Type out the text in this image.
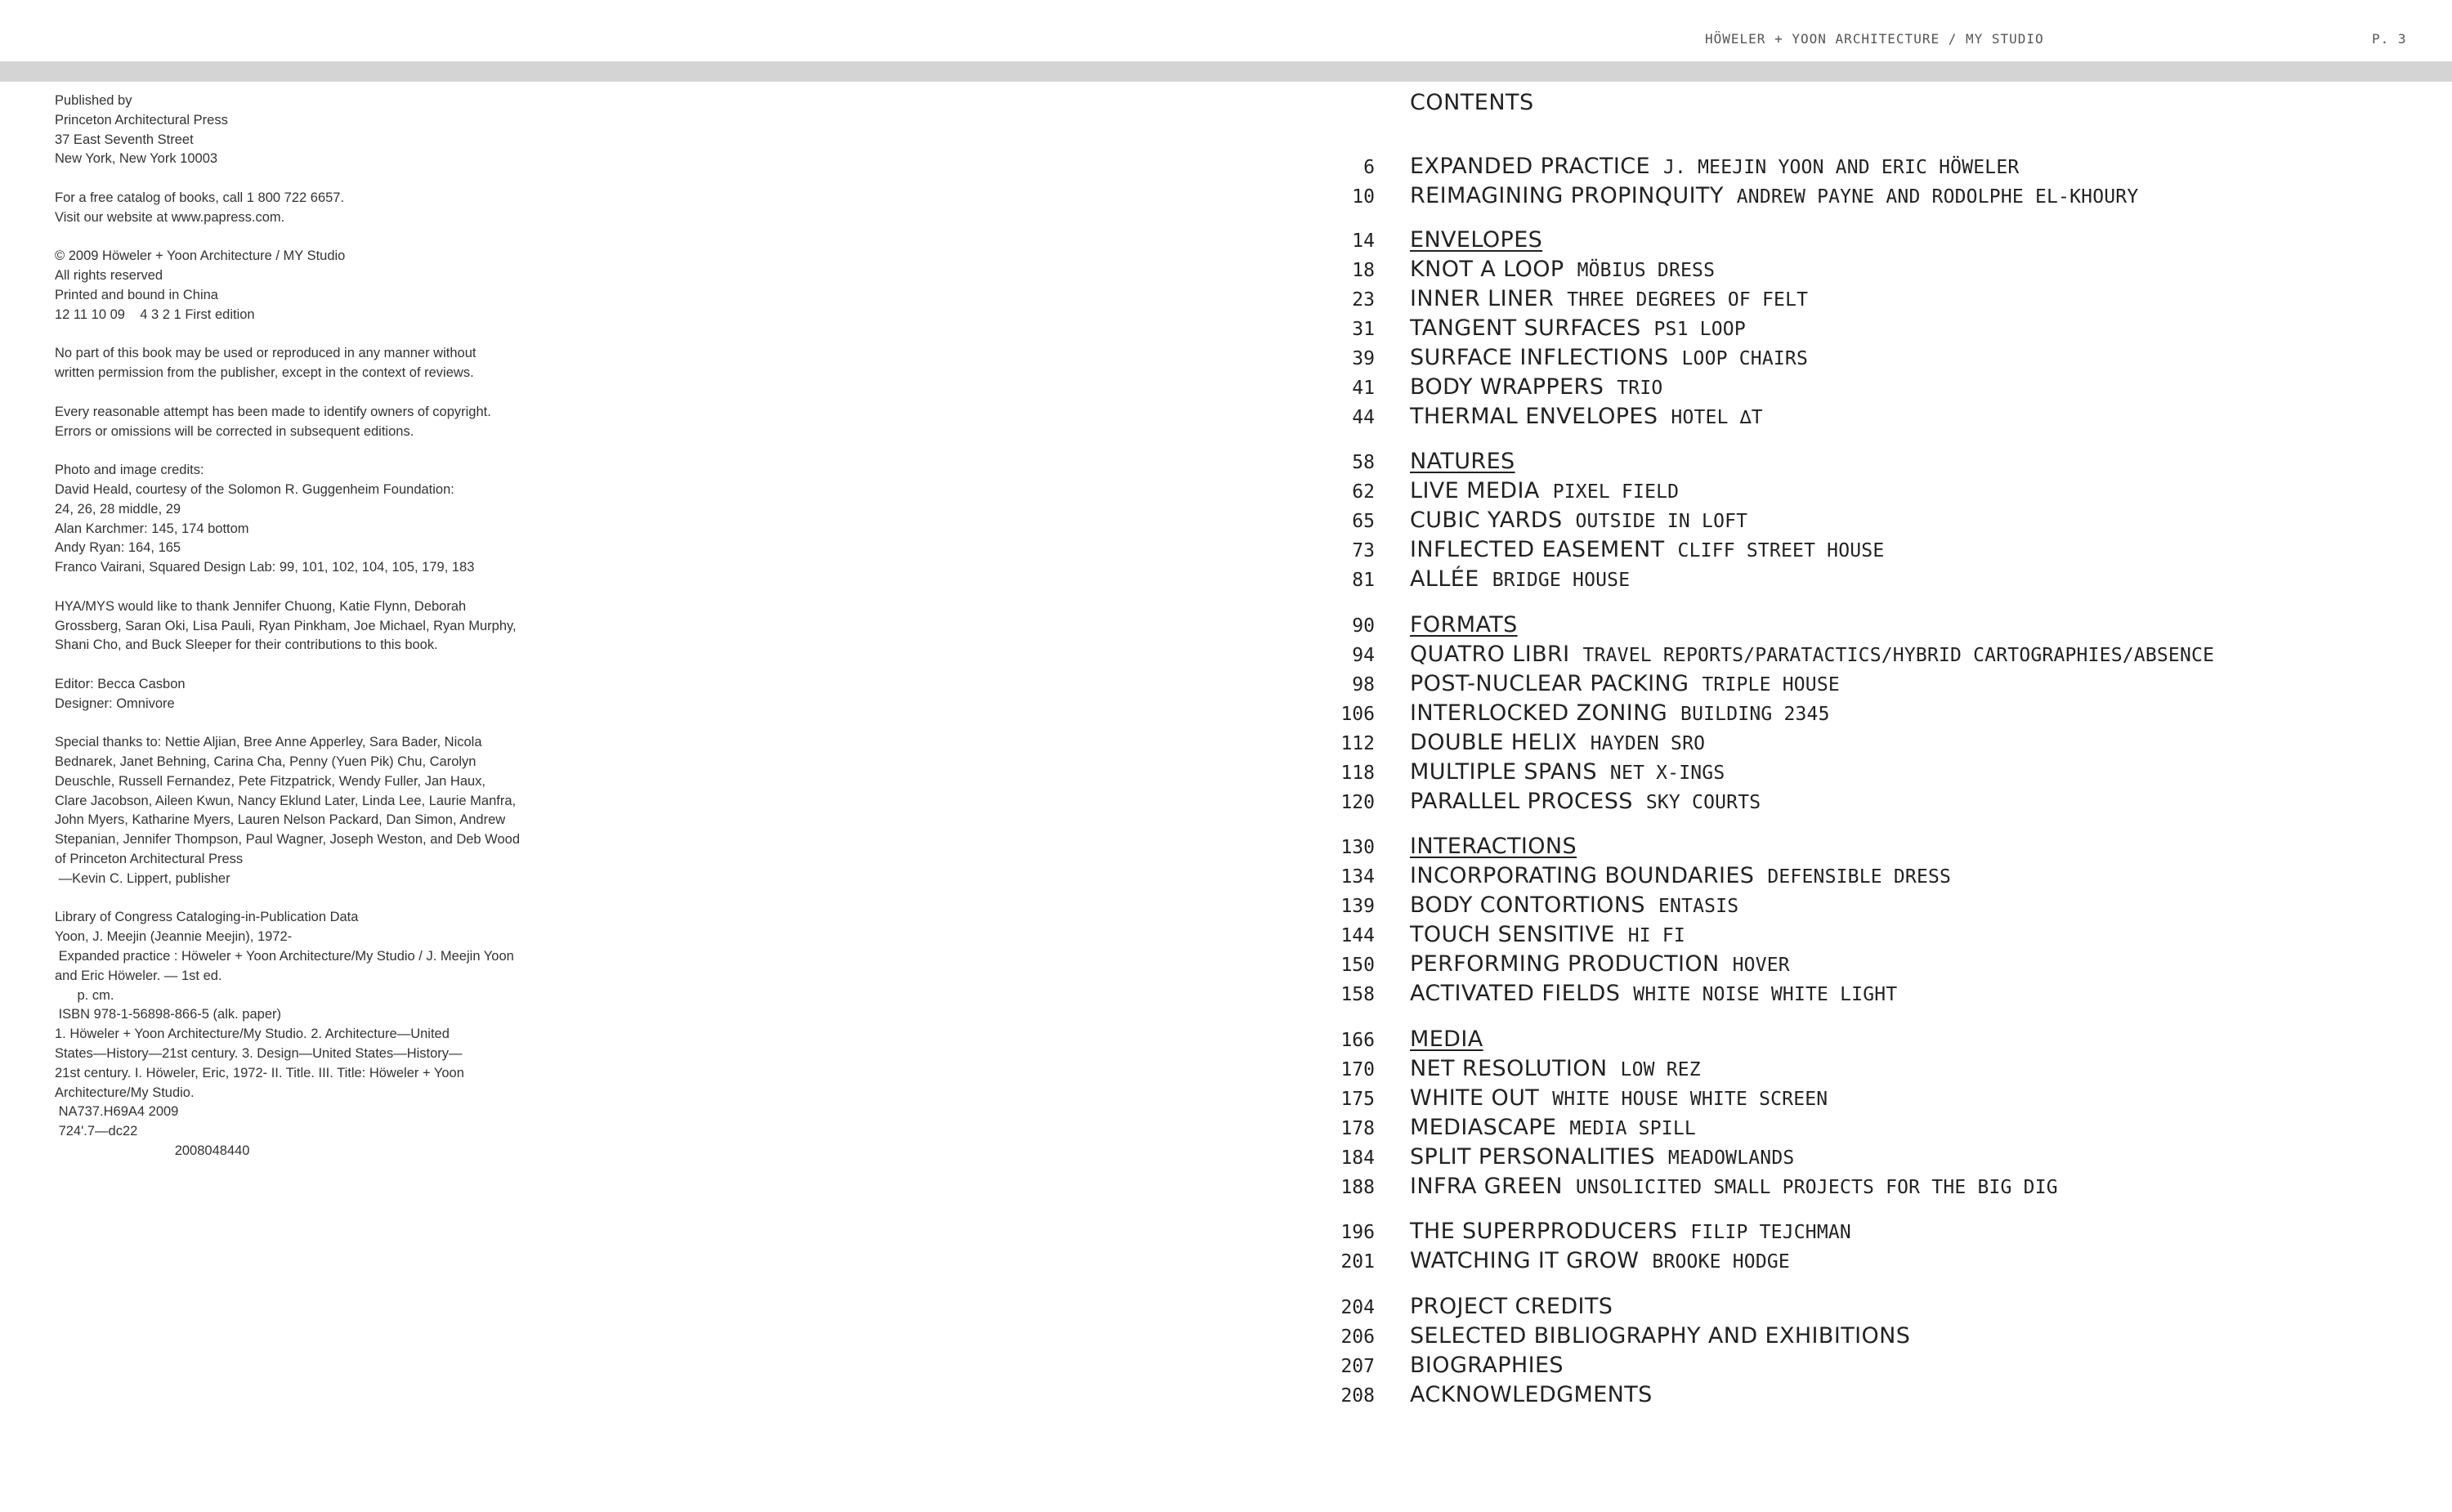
HÖWELER + YOON ARCHITECTURE / MY STUDIO	P. 3
Published by
Princeton Architectural Press
37 East Seventh Street
New York, New York 10003
For a free catalog of books, call 1 800 722 6657.
Visit our website at www.papress.com.
© 2009 Höweler + Yoon Architecture / MY Studio
All rights reserved
Printed and bound in China
12 11 10 09    4 3 2 1 First edition
No part of this book may be used or reproduced in any manner without
written permission from the publisher, except in the context of reviews.
Every reasonable attempt has been made to identify owners of copyright.
Errors or omissions will be corrected in subsequent editions.
Photo and image credits:
David Heald, courtesy of the Solomon R. Guggenheim Foundation:
24, 26, 28 middle, 29
Alan Karchmer: 145, 174 bottom
Andy Ryan: 164, 165
Franco Vairani, Squared Design Lab: 99, 101, 102, 104, 105, 179, 183
HYA/MYS would like to thank Jennifer Chuong, Katie Flynn, Deborah
Grossberg, Saran Oki, Lisa Pauli, Ryan Pinkham, Joe Michael, Ryan Murphy,
Shani Cho, and Buck Sleeper for their contributions to this book.
Editor: Becca Casbon
Designer: Omnivore
Special thanks to: Nettie Aljian, Bree Anne Apperley, Sara Bader, Nicola
Bednarek, Janet Behning, Carina Cha, Penny (Yuen Pik) Chu, Carolyn
Deuschle, Russell Fernandez, Pete Fitzpatrick, Wendy Fuller, Jan Haux,
Clare Jacobson, Aileen Kwun, Nancy Eklund Later, Linda Lee, Laurie Manfra,
John Myers, Katharine Myers, Lauren Nelson Packard, Dan Simon, Andrew
Stepanian, Jennifer Thompson, Paul Wagner, Joseph Weston, and Deb Wood
of Princeton Architectural Press
—Kevin C. Lippert, publisher
Library of Congress Cataloging-in-Publication Data
Yoon, J. Meejin (Jeannie Meejin), 1972-
Expanded practice : Höweler + Yoon Architecture/My Studio / J. Meejin Yoon
and Eric Höweler. — 1st ed.
p. cm.
ISBN 978-1-56898-866-5 (alk. paper)
1. Höweler + Yoon Architecture/My Studio. 2. Architecture—United
States—History—21st century. 3. Design—United States—History—
21st century. I. Höweler, Eric, 1972- II. Title. III. Title: Höweler + Yoon
Architecture/My Studio.
NA737.H69A4 2009
724'.7—dc22
2008048440
CONTENTS
6 EXPANDED PRACTICE J. MEEJIN YOON AND ERIC HÖWELER
10 REIMAGINING PROPINQUITY ANDREW PAYNE AND RODOLPHE EL-KHOURY
14 ENVELOPES
18 KNOT A LOOP MÖBIUS DRESS
23 INNER LINER THREE DEGREES OF FELT
31 TANGENT SURFACES PS1 LOOP
39 SURFACE INFLECTIONS LOOP CHAIRS
41 BODY WRAPPERS TRIO
44 THERMAL ENVELOPES HOTEL ∆T
58 NATURES
62 LIVE MEDIA PIXEL FIELD
65 CUBIC YARDS OUTSIDE IN LOFT
73 INFLECTED EASEMENT CLIFF STREET HOUSE
81 ALLÉE BRIDGE HOUSE
90 FORMATS
94 QUATRO LIBRI TRAVEL REPORTS/PARATACTICS/HYBRID CARTOGRAPHIES/ABSENCE
98 POST-NUCLEAR PACKING TRIPLE HOUSE
106 INTERLOCKED ZONING BUILDING 2345
112 DOUBLE HELIX HAYDEN SRO
118 MULTIPLE SPANS NET X-INGS
120 PARALLEL PROCESS SKY COURTS
130 INTERACTIONS
134 INCORPORATING BOUNDARIES DEFENSIBLE DRESS
139 BODY CONTORTIONS ENTASIS
144 TOUCH SENSITIVE HI FI
150 PERFORMING PRODUCTION HOVER
158 ACTIVATED FIELDS WHITE NOISE WHITE LIGHT
166 MEDIA
170 NET RESOLUTION LOW REZ
175 WHITE OUT WHITE HOUSE WHITE SCREEN
178 MEDIASCAPE MEDIA SPILL
184 SPLIT PERSONALITIES MEADOWLANDS
188 INFRA GREEN UNSOLICITED SMALL PROJECTS FOR THE BIG DIG
196 THE SUPERPRODUCERS FILIP TEJCHMAN
201 WATCHING IT GROW BROOKE HODGE
204 PROJECT CREDITS
206 SELECTED BIBLIOGRAPHY AND EXHIBITIONS
207 BIOGRAPHIES
208 ACKNOWLEDGMENTS
